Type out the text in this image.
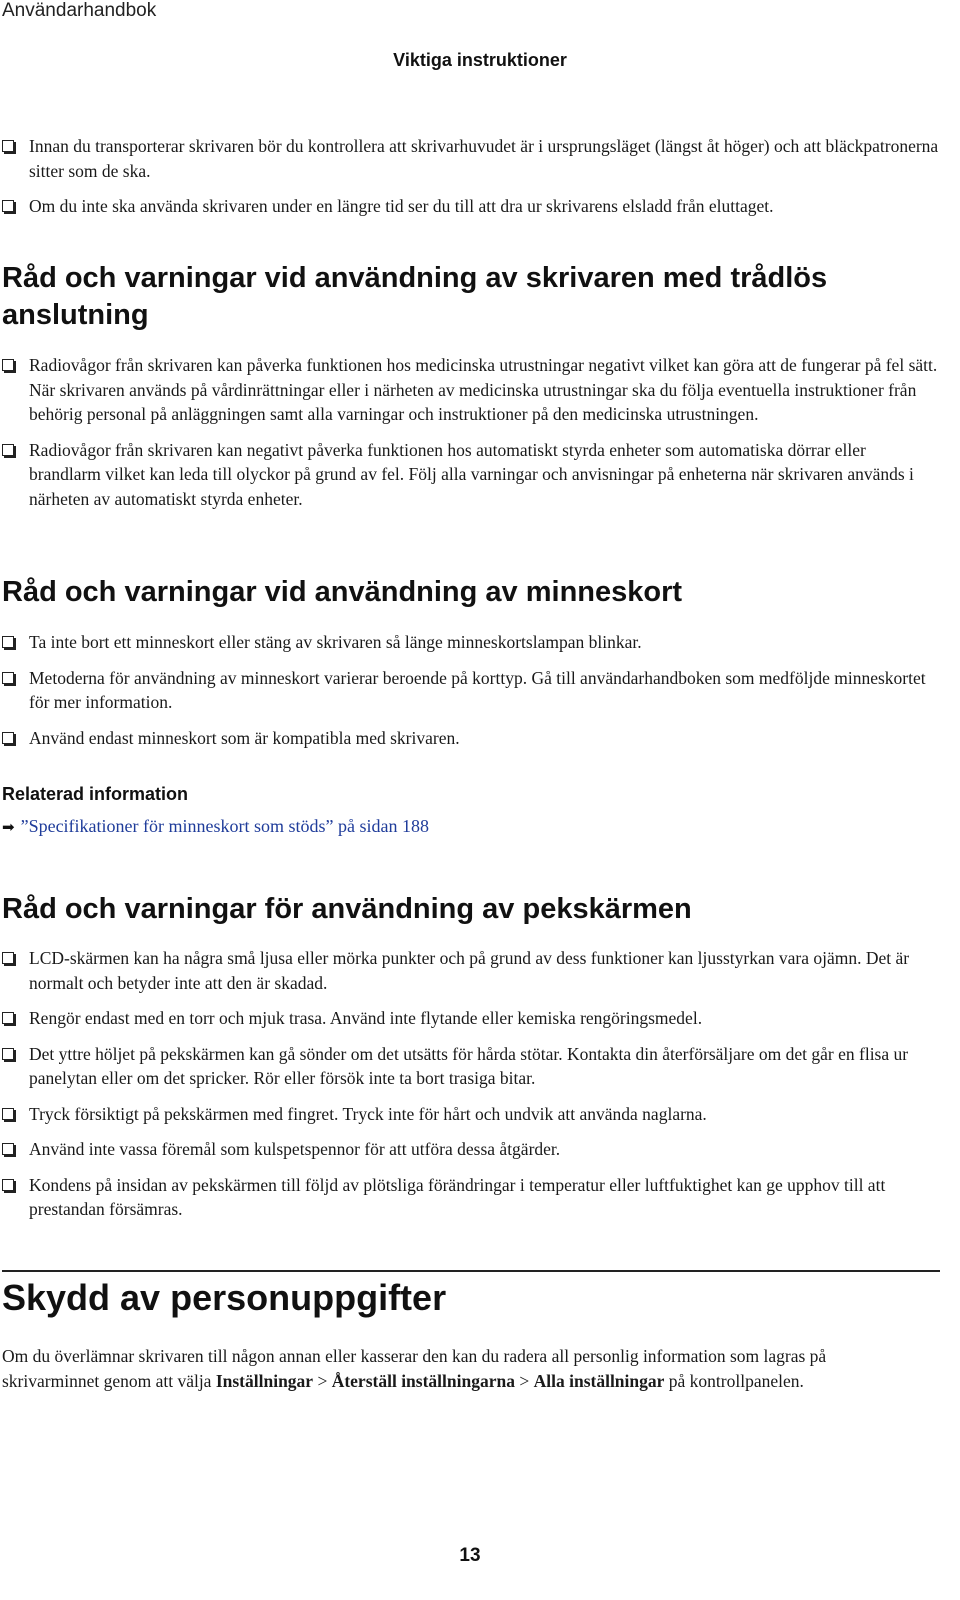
Användarhandbok
Viktiga instruktioner
Innan du transporterar skrivaren bör du kontrollera att skrivarhuvudet är i ursprungsläget (längst åt höger) och att bläckpatronerna sitter som de ska.
Om du inte ska använda skrivaren under en längre tid ser du till att dra ur skrivarens elsladd från eluttaget.
Råd och varningar vid användning av skrivaren med trådlös anslutning
Radiovågor från skrivaren kan påverka funktionen hos medicinska utrustningar negativt vilket kan göra att de fungerar på fel sätt. När skrivaren används på vårdinrättningar eller i närheten av medicinska utrustningar ska du följa eventuella instruktioner från behörig personal på anläggningen samt alla varningar och instruktioner på den medicinska utrustningen.
Radiovågor från skrivaren kan negativt påverka funktionen hos automatiskt styrda enheter som automatiska dörrar eller brandlarm vilket kan leda till olyckor på grund av fel. Följ alla varningar och anvisningar på enheterna när skrivaren används i närheten av automatiskt styrda enheter.
Råd och varningar vid användning av minneskort
Ta inte bort ett minneskort eller stäng av skrivaren så länge minneskortslampan blinkar.
Metoderna för användning av minneskort varierar beroende på korttyp. Gå till användarhandboken som medföljde minneskortet för mer information.
Använd endast minneskort som är kompatibla med skrivaren.
Relaterad information
➡ ”Specifikationer för minneskort som stöds” på sidan 188
Råd och varningar för användning av pekskärmen
LCD-skärmen kan ha några små ljusa eller mörka punkter och på grund av dess funktioner kan ljusstyrkan vara ojämn. Det är normalt och betyder inte att den är skadad.
Rengör endast med en torr och mjuk trasa. Använd inte flytande eller kemiska rengöringsmedel.
Det yttre höljet på pekskärmen kan gå sönder om det utsätts för hårda stötar. Kontakta din återförsäljare om det går en flisa ur panelytan eller om det spricker. Rör eller försök inte ta bort trasiga bitar.
Tryck försiktigt på pekskärmen med fingret. Tryck inte för hårt och undvik att använda naglarna.
Använd inte vassa föremål som kulspetspennor för att utföra dessa åtgärder.
Kondens på insidan av pekskärmen till följd av plötsliga förändringar i temperatur eller luftfuktighet kan ge upphov till att prestandan försämras.
Skydd av personuppgifter
Om du överlämnar skrivaren till någon annan eller kasserar den kan du radera all personlig information som lagras på skrivarminnet genom att välja Inställningar > Återställ inställningarna > Alla inställningar på kontrollpanelen.
13
